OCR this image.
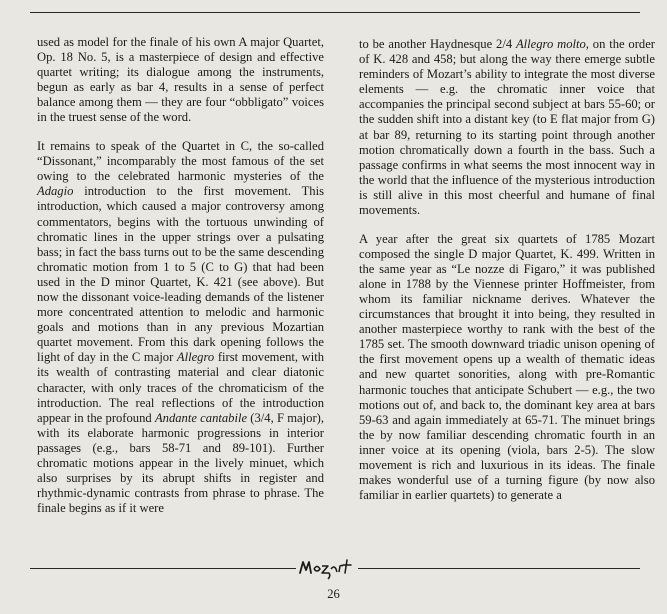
used as model for the finale of his own A major Quartet, Op. 18 No. 5, is a masterpiece of design and effective quartet writing; its dialogue among the instruments, begun as early as bar 4, results in a sense of perfect balance among them — they are four “obbligato” voices in the truest sense of the word.

It remains to speak of the Quartet in C, the so-called “Dissonant,” incomparably the most famous of the set owing to the celebrated harmonic mysteries of the Adagio introduction to the first movement. This introduction, which caused a major controversy among commentators, begins with the tortuous unwinding of chromatic lines in the upper strings over a pulsating bass; in fact the bass turns out to be the same descending chromatic motion from 1 to 5 (C to G) that had been used in the D minor Quartet, K. 421 (see above). But now the dissonant voice-leading demands of the listener more concentrated attention to melodic and harmonic goals and motions than in any previous Mozartian quartet movement. From this dark opening follows the light of day in the C major Allegro first movement, with its wealth of contrasting material and clear diatonic character, with only traces of the chromaticism of the introduction. The real reflections of the introduction appear in the profound Andante cantabile (3/4, F major), with its elaborate harmonic progressions in interior passages (e.g., bars 58-71 and 89-101). Further chromatic motions appear in the lively minuet, which also surprises by its abrupt shifts in register and rhythmic-dynamic contrasts from phrase to phrase. The finale begins as if it were

to be another Haydnesque 2/4 Allegro molto, on the order of K. 428 and 458; but along the way there emerge subtle reminders of Mozart’s ability to integrate the most diverse elements — e.g. the chromatic inner voice that accompanies the principal second subject at bars 55-60; or the sudden shift into a distant key (to E flat major from G) at bar 89, returning to its starting point through another motion chromatically down a fourth in the bass. Such a passage confirms in what seems the most innocent way in the world that the influence of the mysterious introduction is still alive in this most cheerful and humane of final movements.

A year after the great six quartets of 1785 Mozart composed the single D major Quartet, K. 499. Written in the same year as “Le nozze di Figaro,” it was published alone in 1788 by the Viennese printer Hoffmeister, from whom its familiar nickname derives. Whatever the circumstances that brought it into being, they resulted in another masterpiece worthy to rank with the best of the 1785 set. The smooth downward triadic unison opening of the first movement opens up a wealth of thematic ideas and new quartet sonorities, along with pre-Romantic harmonic touches that anticipate Schubert — e.g., the two motions out of, and back to, the dominant key area at bars 59-63 and again immediately at 65-71. The minuet brings the by now familiar descending chromatic fourth in an inner voice at its opening (viola, bars 2-5). The slow movement is rich and luxurious in its ideas. The finale makes wonderful use of a turning figure (by now also familiar in earlier quartets) to generate a

26
